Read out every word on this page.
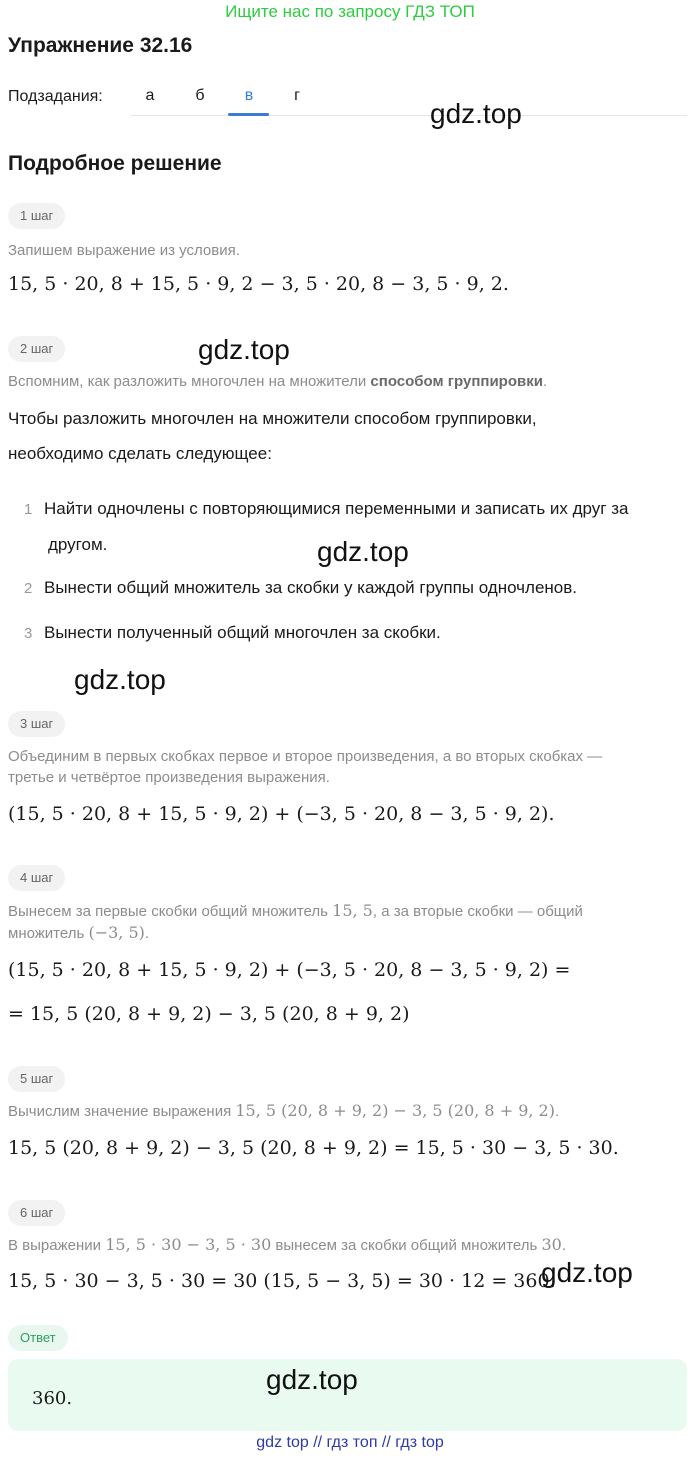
Ищите нас по запросу ГДЗ ТОП
Упражнение 32.16
Подзадания:	а	б	в	г
gdz.top
Подробное решение
1 шаг
Запишем выражение из условия.
15, 5 · 20, 8 + 15, 5 · 9, 2 − 3, 5 · 20, 8 − 3, 5 · 9, 2.
2 шаг	gdz.top
Вспомним, как разложить многочлен на множители способом группировки.
Чтобы разложить многочлен на множители способом группировки,
необходимо сделать следующее:
1 Найти одночлены с повторяющимися переменными и записать их друг за
другом.	gdz.top
2 Вынести общий множитель за скобки у каждой группы одночленов.
3 Вынести полученный общий многочлен за скобки.
gdz.top
3 шаг
Объединим в первых скобках первое и второе произведения, а во вторых скобках —
третье и четвёртое произведения выражения.
(15, 5 · 20, 8 + 15, 5 · 9, 2) + (−3, 5 · 20, 8 − 3, 5 · 9, 2).
4 шаг
Вынесем за первые скобки общий множитель 15, 5, а за вторые скобки — общий
множитель (−3, 5).
(15, 5 · 20, 8 + 15, 5 · 9, 2) + (−3, 5 · 20, 8 − 3, 5 · 9, 2) =
= 15, 5 (20, 8 + 9, 2) − 3, 5 (20, 8 + 9, 2)
5 шаг
Вычислим значение выражения 15, 5 (20, 8 + 9, 2) − 3, 5 (20, 8 + 9, 2).
15, 5 (20, 8 + 9, 2) − 3, 5 (20, 8 + 9, 2) = 15, 5 · 30 − 3, 5 · 30.
6 шаг
В выражении 15, 5 · 30 − 3, 5 · 30 вынесем за скобки общий множитель 30.
15, 5 · 30 − 3, 5 · 30 = 30 (15, 5 − 3, 5) = 30 · 12 = 360.
gdz.top
Ответ
360.
gdz.top
gdz top // гдз топ // гдз top
